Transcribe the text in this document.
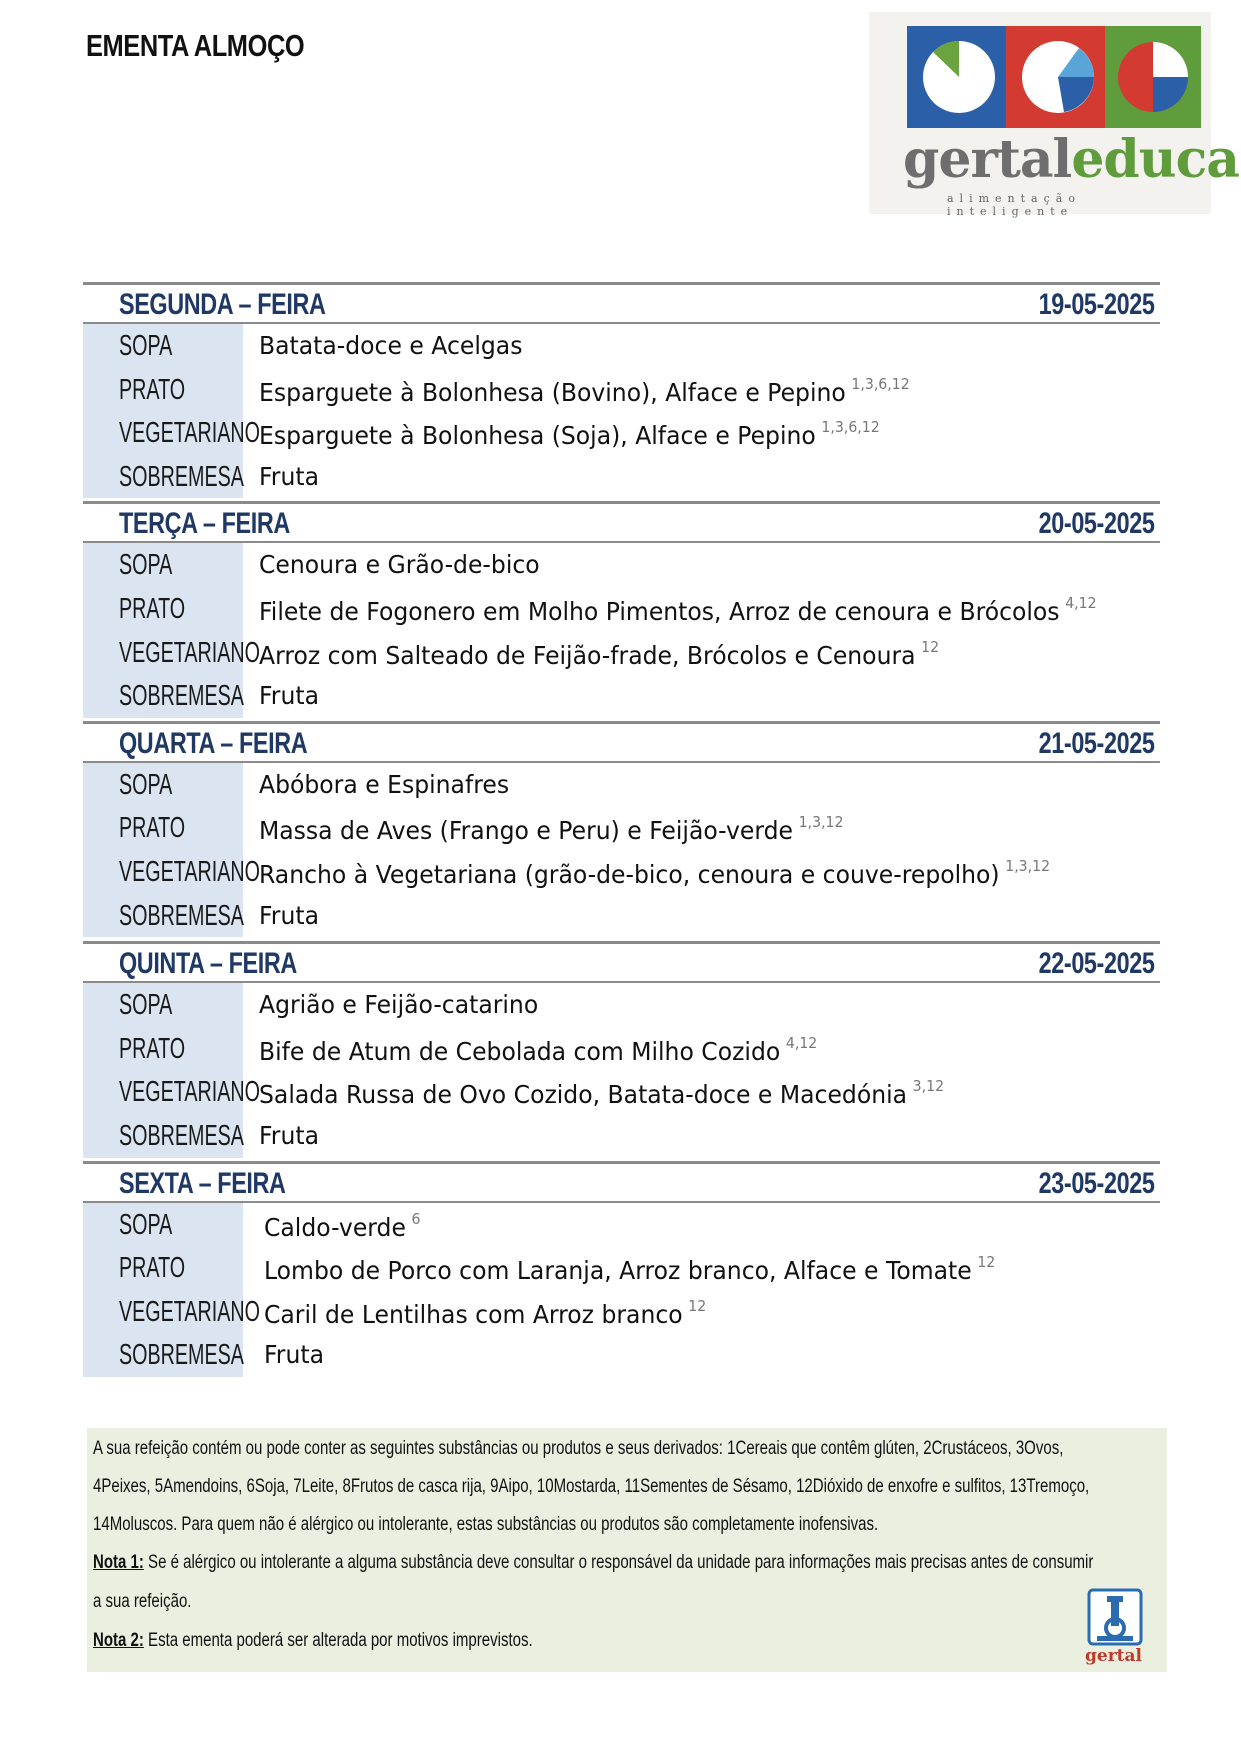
EMENTA ALMOÇO
gertaleduca
alimentação inteligente
SEGUNDA – FEIRA	19-05-2025
SOPA	Batata-doce e Acelgas
PRATO	Esparguete à Bolonhesa (Bovino), Alface e Pepino $^{1,3,6,12}$
VEGETARIANO Esparguete à Bolonhesa (Soja), Alface e Pepino $^{1,3,6,12}$
SOBREMESA Fruta
TERÇA – FEIRA	20-05-2025
SOPA	Cenoura e Grão-de-bico
PRATO	Filete de Fogonero em Molho Pimentos, Arroz de cenoura e Brócolos $^{4,12}$
VEGETARIANO Arroz com Salteado de Feijão-frade, Brócolos e Cenoura $^{12}$
SOBREMESA Fruta
QUARTA – FEIRA	21-05-2025
SOPA	Abóbora e Espinafres
PRATO	Massa de Aves (Frango e Peru) e Feijão-verde $^{1,3,12}$
VEGETARIANO Rancho à Vegetariana (grão-de-bico, cenoura e couve-repolho) $^{1,3,12}$
SOBREMESA Fruta
QUINTA – FEIRA	22-05-2025
SOPA	Agrião e Feijão-catarino
PRATO	Bife de Atum de Cebolada com Milho Cozido $^{4,12}$
VEGETARIANO Salada Russa de Ovo Cozido, Batata-doce e Macedónia $^{3,12}$
SOBREMESA Fruta
SEXTA – FEIRA	23-05-2025
SOPA	Caldo-verde $^6$
PRATO	Lombo de Porco com Laranja, Arroz branco, Alface e Tomate $^{12}$
VEGETARIANO Caril de Lentilhas com Arroz branco $^{12}$
SOBREMESA Fruta

A sua refeição contém ou pode conter as seguintes substâncias ou produtos e seus derivados: 1Cereais que contêm glúten, 2Crustáceos, 3Ovos,

4Peixes, 5Amendoins, 6Soja, 7Leite, 8Frutos de casca rija, 9Aipo, 10Mostarda, 11Sementes de Sésamo, 12Dióxido de enxofre e sulfitos, 13Tremoço,

14Moluscos. Para quem não é alérgico ou intolerante, estas substâncias ou produtos são completamente inofensivas.

Nota 1: Se é alérgico ou intolerante a alguma substância deve consultar o responsável da unidade para informações mais precisas antes de consumir

a sua refeição.

Nota 2: Esta ementa poderá ser alterada por motivos imprevistos.

gertal
